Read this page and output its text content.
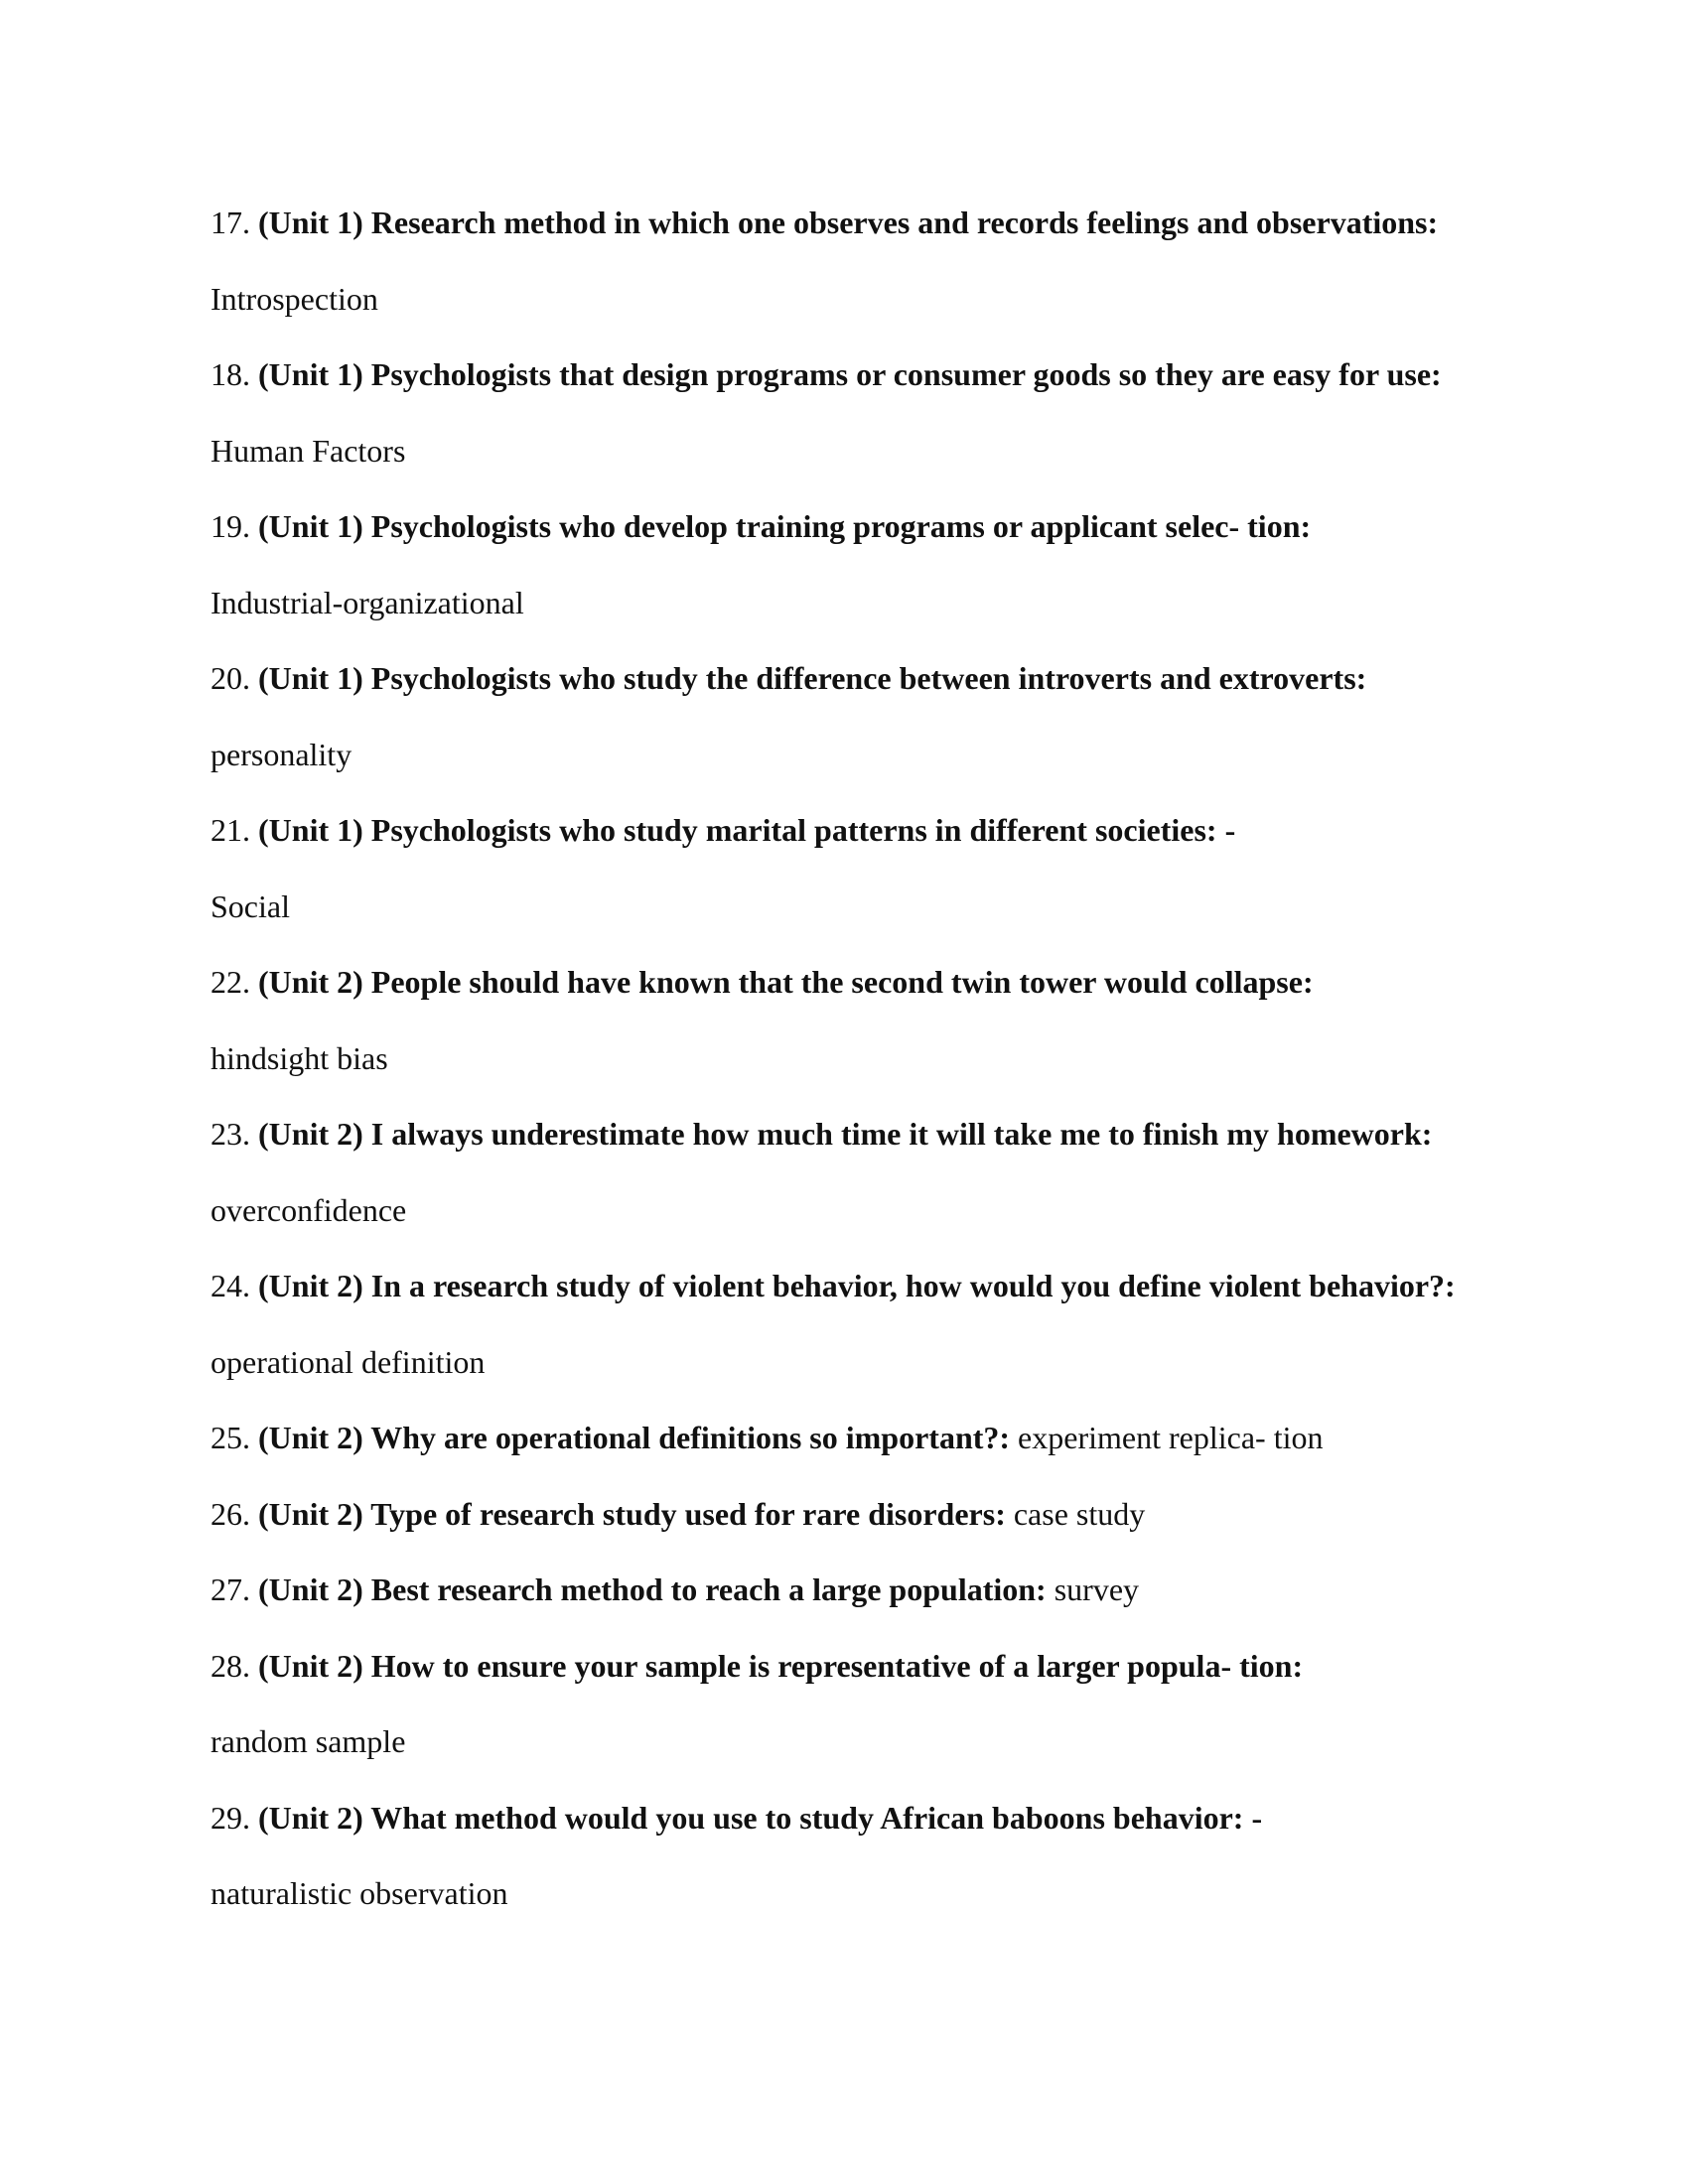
17. (Unit 1) Research method in which one observes and records feelings and observations: Introspection

18. (Unit 1) Psychologists that design programs or consumer goods so they are easy for use: Human Factors

19. (Unit 1) Psychologists who develop training programs or applicant selec- tion:
Industrial-organizational

20. (Unit 1) Psychologists who study the difference between introverts and extroverts:
personality

21. (Unit 1) Psychologists who study marital patterns in different societies: -
Social

22. (Unit 2) People should have known that the second twin tower would collapse:
hindsight bias

23. (Unit 2) I always underestimate how much time it will take me to finish my homework: overconfidence

24. (Unit 2) In a research study of violent behavior, how would you define violent behavior?: operational definition

25. (Unit 2) Why are operational definitions so important?: experiment replica- tion

26. (Unit 2) Type of research study used for rare disorders: case study

27. (Unit 2) Best research method to reach a large population: survey

28. (Unit 2) How to ensure your sample is representative of a larger popula- tion:
random sample

29. (Unit 2) What method would you use to study African baboons behavior: -
naturalistic observation
